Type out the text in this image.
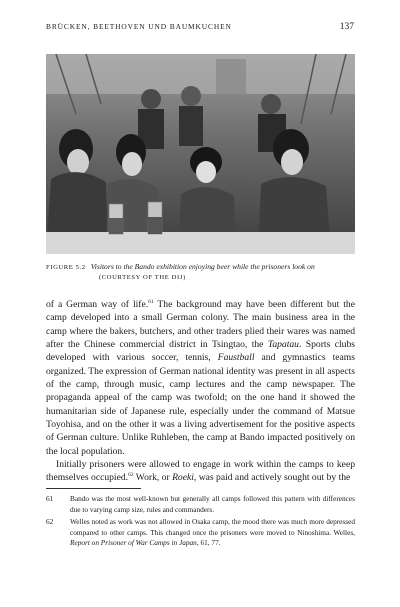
BRÜCKEN, BEETHOVEN UND BAUMKUCHEN	137
FIGURE 5.2 Visitors to the Bando exhibition enjoying beer while the prisoners look on
(COURTESY OF THE DIJ)

of a German way of life.$^{61}$ The background may have been different but the camp developed into a small German colony. The main business area in the camp where the bakers, butchers, and other traders plied their wares was named after the Chinese commercial district in Tsingtao, the Tapatau. Sports clubs developed with various soccer, tennis, Faustball and gymnastics teams organized. The expression of German national identity was present in all aspects of the camp, through music, camp lectures and the camp newspaper. The propaganda appeal of the camp was twofold; on the one hand it showed the humanitarian side of Japanese rule, especially under the command of Matsue Toyohisa, and on the other it was a living advertisement for the positive aspects of German culture. Unlike Ruhleben, the camp at Bando impacted positively on the local population.

Initially prisoners were allowed to engage in work within the camps to keep themselves occupied.$^{62}$ Work, or Roeki, was paid and actively sought out by the

61	Bando was the most well-known but generally all camps followed this pattern with differences due to varying camp size, rules and commanders.
62	Welles noted as work was not allowed in Osaka camp, the mood there was much more depressed compared to other camps. This changed once the prisoners were moved to Ninoshima. Welles, Report on Prisoner of War Camps in Japan, 61, 77.
